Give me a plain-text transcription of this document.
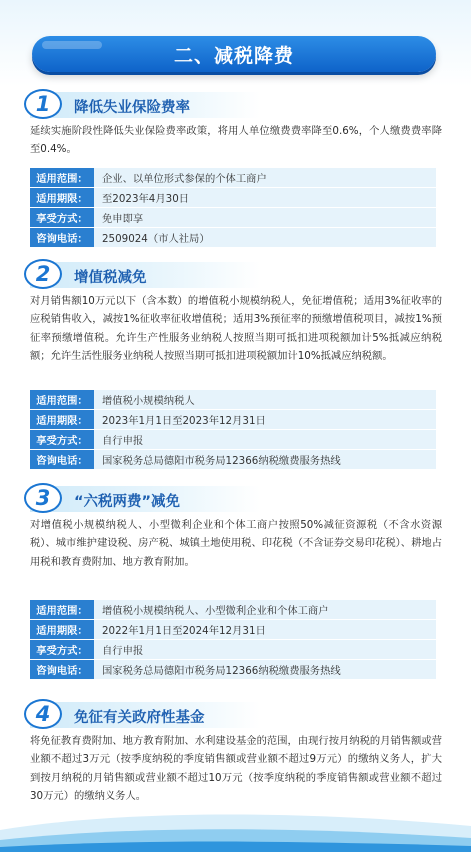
二、减税降费
1	降低失业保险费率
延续实施阶段性降低失业保险费率政策，将用人单位缴费费率降至0.6%，个人缴费费率降至0.4%。
适用范围：	企业、以单位形式参保的个体工商户
适用期限：	至2023年4月30日
享受方式：	免申即享
咨询电话：	2509024（市人社局）
2	增值税减免
对月销售额10万元以下（含本数）的增值税小规模纳税人，免征增值税；适用3%征收率的应税销售收入，减按1%征收率征收增值税；适用3%预征率的预缴增值税项目，减按1%预征率预缴增值税。允许生产性服务业纳税人按照当期可抵扣进项税额加计5%抵减应纳税额；允许生活性服务业纳税人按照当期可抵扣进项税额加计10%抵减应纳税额。
适用范围：	增值税小规模纳税人
适用期限：	2023年1月1日至2023年12月31日
享受方式：	自行申报
咨询电话：	国家税务总局德阳市税务局12366纳税缴费服务热线
3	“六税两费”减免
对增值税小规模纳税人、小型微利企业和个体工商户按照50%减征资源税（不含水资源税）、城市维护建设税、房产税、城镇土地使用税、印花税（不含证券交易印花税）、耕地占用税和教育费附加、地方教育附加。
适用范围：	增值税小规模纳税人、小型微利企业和个体工商户
适用期限：	2022年1月1日至2024年12月31日
享受方式：	自行申报
咨询电话：	国家税务总局德阳市税务局12366纳税缴费服务热线
4	免征有关政府性基金
将免征教育费附加、地方教育附加、水利建设基金的范围，由现行按月纳税的月销售额或营业额不超过3万元（按季度纳税的季度销售额或营业额不超过9万元）的缴纳义务人，扩大到按月纳税的月销售额或营业额不超过10万元（按季度纳税的季度销售额或营业额不超过30万元）的缴纳义务人。
